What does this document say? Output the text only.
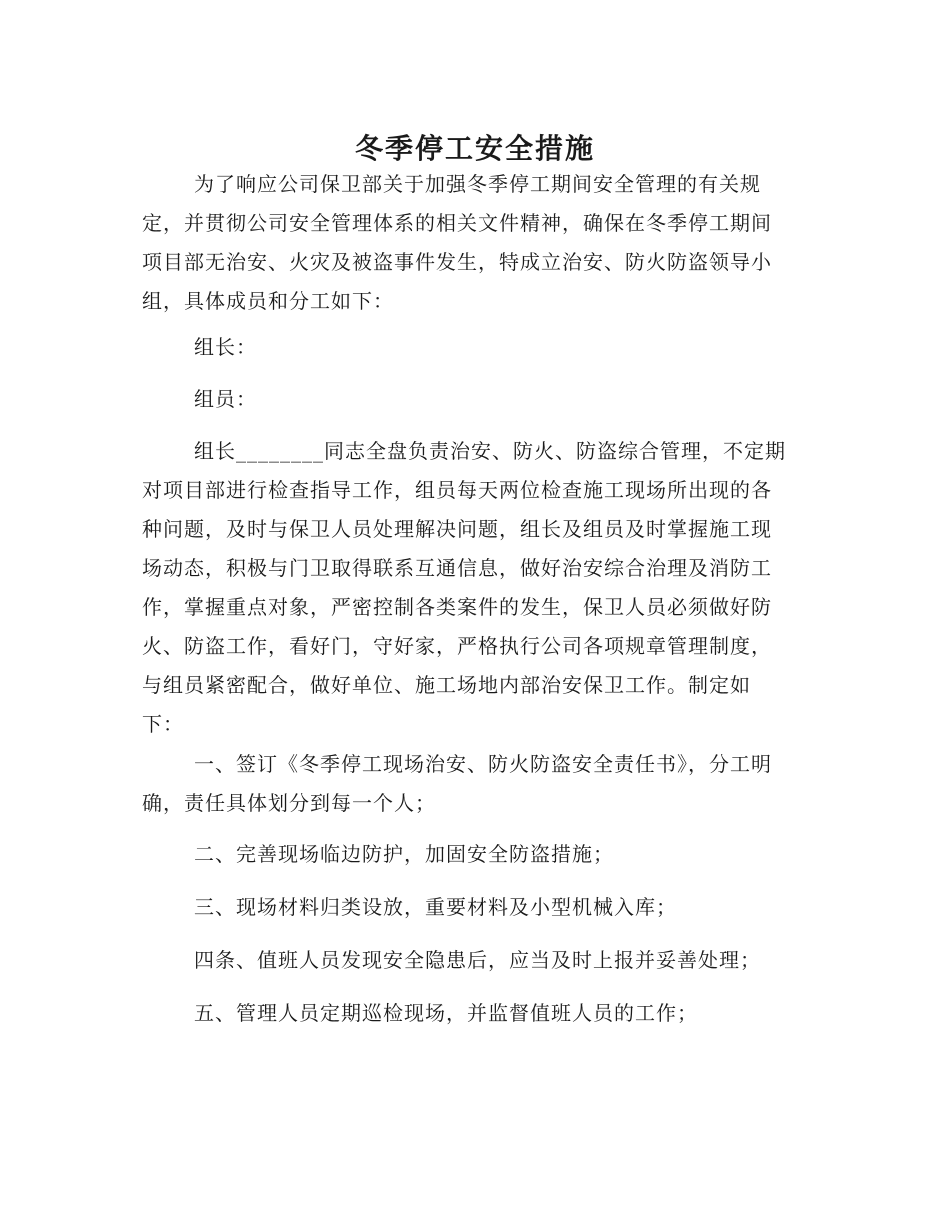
冬季停工安全措施
为了响应公司保卫部关于加强冬季停工期间安全管理的有关规
定，并贯彻公司安全管理体系的相关文件精神，确保在冬季停工期间
项目部无治安、火灾及被盗事件发生，特成立治安、防火防盗领导小
组，具体成员和分工如下：
组长：
组员：
组长________同志全盘负责治安、防火、防盗综合管理，不定期
对项目部进行检查指导工作，组员每天两位检查施工现场所出现的各
种问题，及时与保卫人员处理解决问题，组长及组员及时掌握施工现
场动态，积极与门卫取得联系互通信息，做好治安综合治理及消防工
作，掌握重点对象，严密控制各类案件的发生，保卫人员必须做好防
火、防盗工作，看好门，守好家，严格执行公司各项规章管理制度，
与组员紧密配合，做好单位、施工场地内部治安保卫工作。制定如
下：
一、签订《冬季停工现场治安、防火防盗安全责任书》，分工明
确，责任具体划分到每一个人；
二、完善现场临边防护，加固安全防盗措施；
三、现场材料归类设放，重要材料及小型机械入库；
四条、值班人员发现安全隐患后，应当及时上报并妥善处理；
五、管理人员定期巡检现场，并监督值班人员的工作；
